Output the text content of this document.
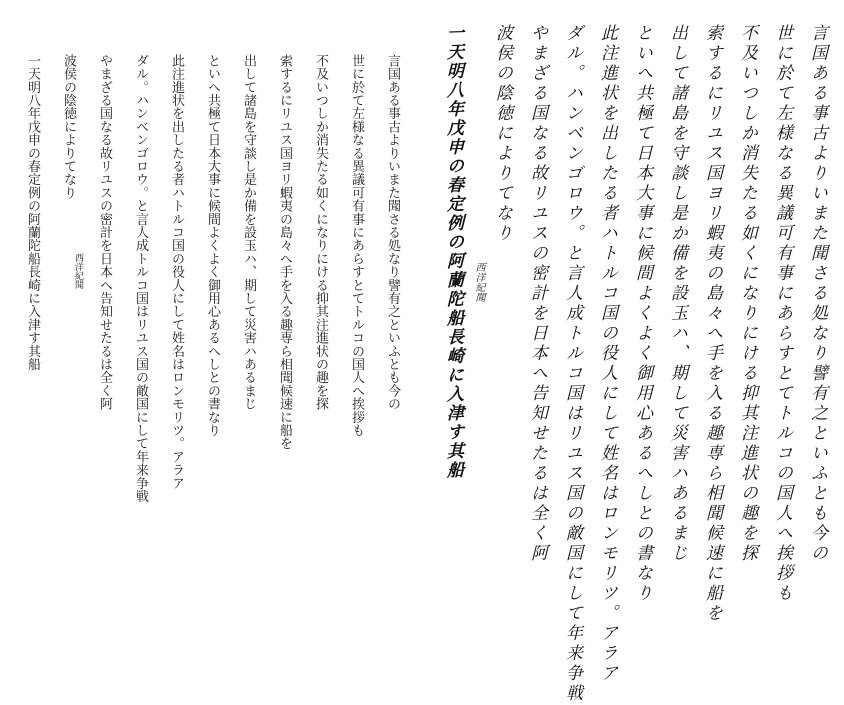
言国ある事古よりいまた聞さる処なり譬有之といふとも今の
世に於て左様なる異議可有事にあらすとてトルコの国人へ挨拶も
不及いつしか消失たる如くになりにける抑其注進状の趣を探
索するにリユス国ヨリ蝦夷の島々へ手を入る趣専ら相聞候速に船を
出して諸島を守談し是か備を設玉ハ、期して災害ハあるまじ
といへ共極て日本大事に候間よくよく御用心あるへしとの書なり
此注進状を出したる者ハトルコ国の役人にして姓名はロンモリツ。アラア
ダル。ハンベンゴロウ。と言人成トルコ国はリユス国の敵国にして年来争戦
やまざる国なる故リユスの密計を日本へ告知せたるは全く阿
波侯の陰徳によりてなり
西洋紀聞
一天明八年戊申の春定例の阿蘭陀船長崎に入津す其船	言国ある事古よりいまた聞さる処なり譬有之といふとも今の
世に於て左様なる異議可有事にあらすとてトルコの国人へ挨拶も
不及いつしか消失たる如くになりにける抑其注進状の趣を探
索するにリユス国ヨリ蝦夷の島々へ手を入る趣専ら相聞候速に船を
出して諸島を守談し是か備を設玉ハ、期して災害ハあるまじ
といへ共極て日本大事に候間よくよく御用心あるへしとの書なり
此注進状を出したる者ハトルコ国の役人にして姓名はロンモリツ。アラア
ダル。ハンベンゴロウ。と言人成トルコ国はリユス国の敵国にして年来争戦
やまざる国なる故リユスの密計を日本へ告知せたるは全く阿
波侯の陰徳によりてなり
西洋紀聞
一天明八年戊申の春定例の阿蘭陀船長崎に入津す其船
